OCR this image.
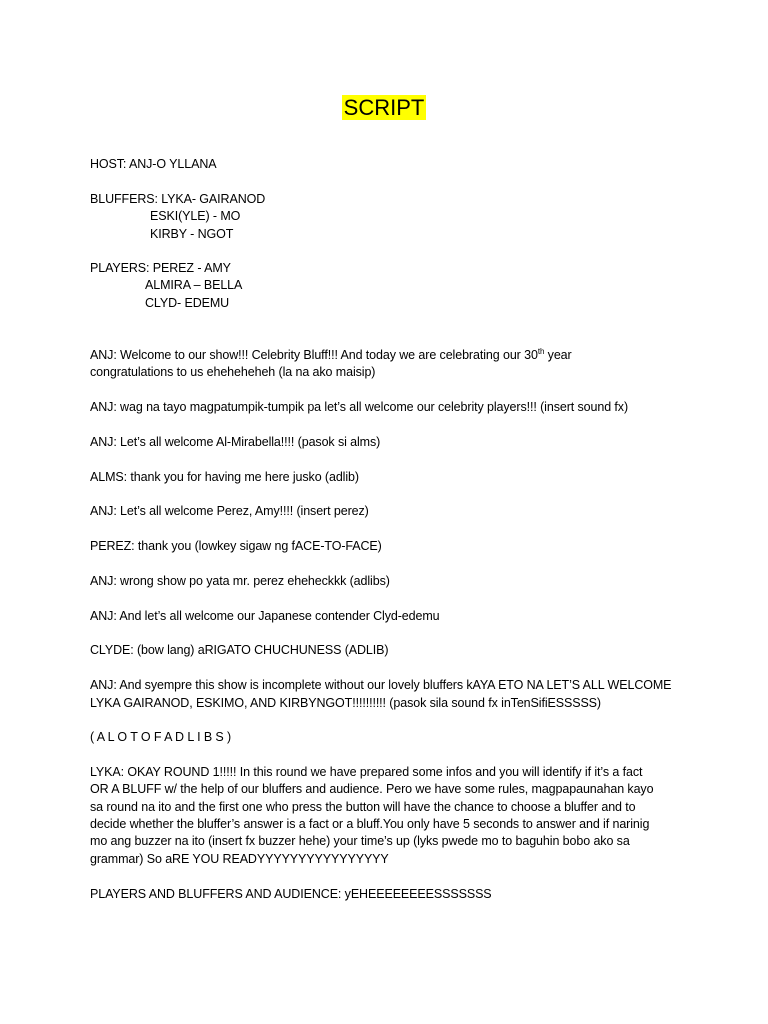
SCRIPT
HOST: ANJ-O YLLANA
BLUFFERS: LYKA- GAIRANOD
ESKI(YLE) - MO
KIRBY - NGOT
PLAYERS: PEREZ - AMY
ALMIRA – BELLA
CLYD- EDEMU
ANJ: Welcome to our show!!! Celebrity Bluff!!! And today we are celebrating our 30th year
congratulations to us eheheheheh (la na ako maisip)
ANJ: wag na tayo magpatumpik-tumpik pa let’s all welcome our celebrity players!!! (insert sound fx)
ANJ: Let’s all welcome Al-Mirabella!!!! (pasok si alms)
ALMS: thank you for having me here jusko (adlib)
ANJ: Let’s all welcome Perez, Amy!!!! (insert perez)
PEREZ: thank you (lowkey sigaw ng fACE-TO-FACE)
ANJ: wrong show po yata mr. perez eheheckkk (adlibs)
ANJ: And let’s all welcome our Japanese contender Clyd-edemu
CLYDE: (bow lang) aRIGATO CHUCHUNESS (ADLIB)
ANJ: And syempre this show is incomplete without our lovely bluffers kAYA ETO NA LET’S ALL WELCOME
LYKA GAIRANOD, ESKIMO, AND KIRBYNGOT!!!!!!!!!! (pasok sila sound fx inTenSifiESSSSS)
( A L O T O F A D L I B S )
LYKA: OKAY ROUND 1!!!!! In this round we have prepared some infos and you will identify if it’s a fact
OR A BLUFF w/ the help of our bluffers and audience. Pero we have some rules, magpapaunahan kayo
sa round na ito and the first one who press the button will have the chance to choose a bluffer and to
decide whether the bluffer’s answer is a fact or a bluff.You only have 5 seconds to answer and if narinig
mo ang buzzer na ito (insert fx buzzer hehe) your time’s up (lyks pwede mo to baguhin bobo ako sa
grammar) So aRE YOU READYYYYYYYYYYYYYYYY
PLAYERS AND BLUFFERS AND AUDIENCE: yEHEEEEEEEESSSSSSS
